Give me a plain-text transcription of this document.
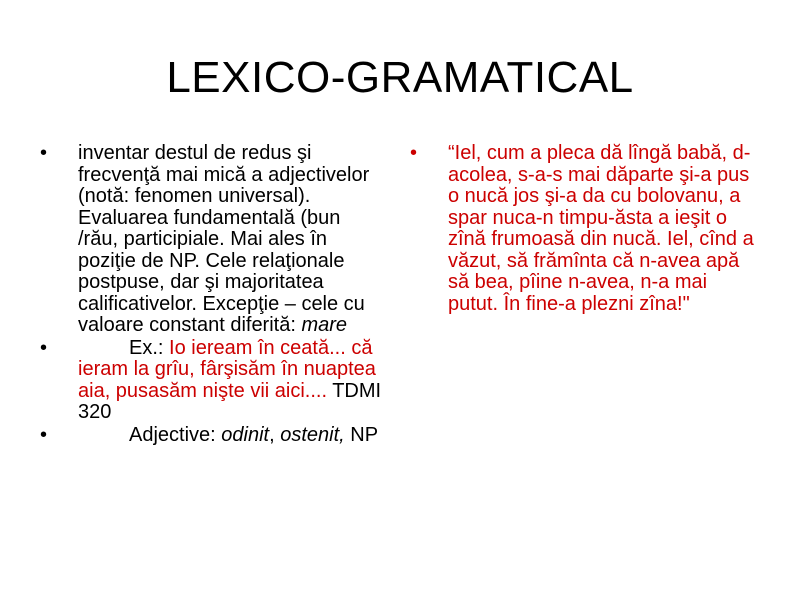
LEXICO-GRAMATICAL
•	inventar destul de redus şi frecvenţă mai mică a adjectivelor (notă: fenomen universal). Evaluarea fundamentală (bun /rău, participiale. Mai ales în poziţie de NP. Cele relaţionale postpuse, dar şi majoritatea calificativelor. Excepţie – cele cu valoare constant diferită: mare
•	Ex.: Io ieream în ceată... că ieram la grîu, fârşisăm în nuaptea aia, pusasăm nişte vii aici.... TDMI 320
•	Adjective: odinit, ostenit, NP
•	“Iel, cum a pleca dă lîngă babă, d-acolea, s-a-s mai dăparte şi-a pus o nucă jos şi-a da cu bolovanu, a spar nuca-n timpu-ăsta a ieşit o zînă frumoasă din nucă. Iel, cînd a văzut, să frămînta că n-avea apă să bea, pîine n-avea, n-a mai putut. În fine-a plezni zîna!"
